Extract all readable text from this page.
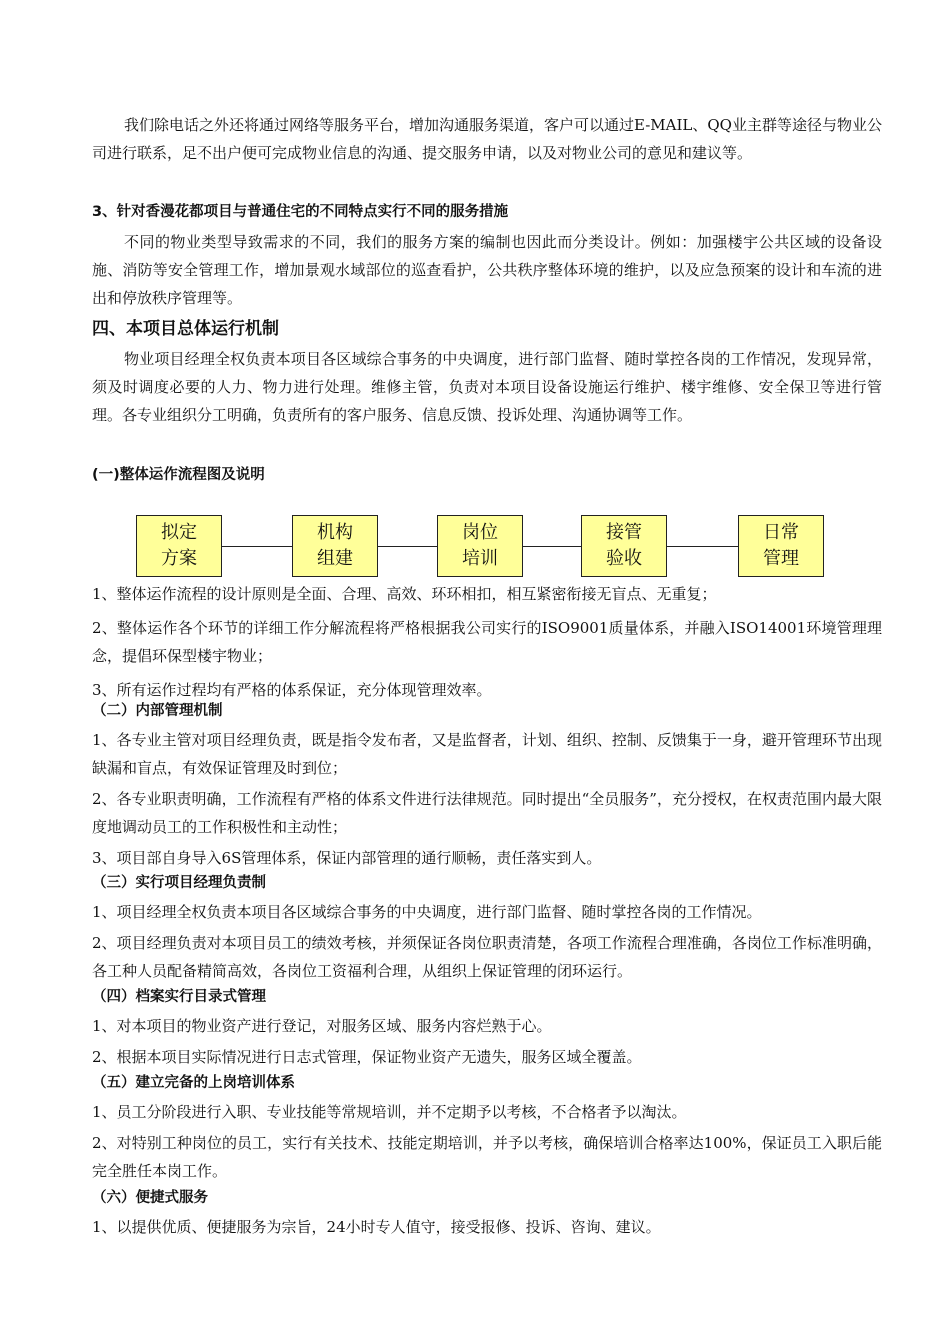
我们除电话之外还将通过网络等服务平台，增加沟通服务渠道，客户可以通过E-MAIL、QQ业主群等途径与物业公司进行联系，足不出户便可完成物业信息的沟通、提交服务申请，以及对物业公司的意见和建议等。

3、针对香漫花都项目与普通住宅的不同特点实行不同的服务措施

不同的物业类型导致需求的不同，我们的服务方案的编制也因此而分类设计。例如：加强楼宇公共区域的设备设施、消防等安全管理工作，增加景观水域部位的巡查看护，公共秩序整体环境的维护，以及应急预案的设计和车流的进出和停放秩序管理等。

四、本项目总体运行机制

物业项目经理全权负责本项目各区域综合事务的中央调度，进行部门监督、随时掌控各岗的工作情况，发现异常，须及时调度必要的人力、物力进行处理。维修主管，负责对本项目设备设施运行维护、楼宇维修、安全保卫等进行管理。各专业组织分工明确，负责所有的客户服务、信息反馈、投诉处理、沟通协调等工作。

(一)整体运作流程图及说明

拟定
方案
机构
组建
岗位
培训
接管
验收
日常
管理

1、整体运作流程的设计原则是全面、合理、高效、环环相扣，相互紧密衔接无盲点、无重复；

2、整体运作各个环节的详细工作分解流程将严格根据我公司实行的ISO9001质量体系，并融入ISO14001环境管理理念，提倡环保型楼宇物业；

3、所有运作过程均有严格的体系保证，充分体现管理效率。

（二）内部管理机制

1、各专业主管对项目经理负责，既是指令发布者，又是监督者，计划、组织、控制、反馈集于一身，避开管理环节出现缺漏和盲点，有效保证管理及时到位；

2、各专业职责明确，工作流程有严格的体系文件进行法律规范。同时提出“全员服务”，充分授权，在权责范围内最大限度地调动员工的工作积极性和主动性；

3、项目部自身导入6S管理体系，保证内部管理的通行顺畅，责任落实到人。

（三）实行项目经理负责制

1、项目经理全权负责本项目各区域综合事务的中央调度，进行部门监督、随时掌控各岗的工作情况。

2、项目经理负责对本项目员工的绩效考核，并须保证各岗位职责清楚，各项工作流程合理准确，各岗位工作标准明确，各工种人员配备精简高效，各岗位工资福利合理，从组织上保证管理的闭环运行。

（四）档案实行目录式管理

1、对本项目的物业资产进行登记，对服务区域、服务内容烂熟于心。

2、根据本项目实际情况进行日志式管理，保证物业资产无遗失，服务区域全覆盖。

（五）建立完备的上岗培训体系

1、员工分阶段进行入职、专业技能等常规培训，并不定期予以考核，不合格者予以淘汰。

2、对特别工种岗位的员工，实行有关技术、技能定期培训，并予以考核，确保培训合格率达100%，保证员工入职后能完全胜任本岗工作。

（六）便捷式服务

1、以提供优质、便捷服务为宗旨，24小时专人值守，接受报修、投诉、咨询、建议。
